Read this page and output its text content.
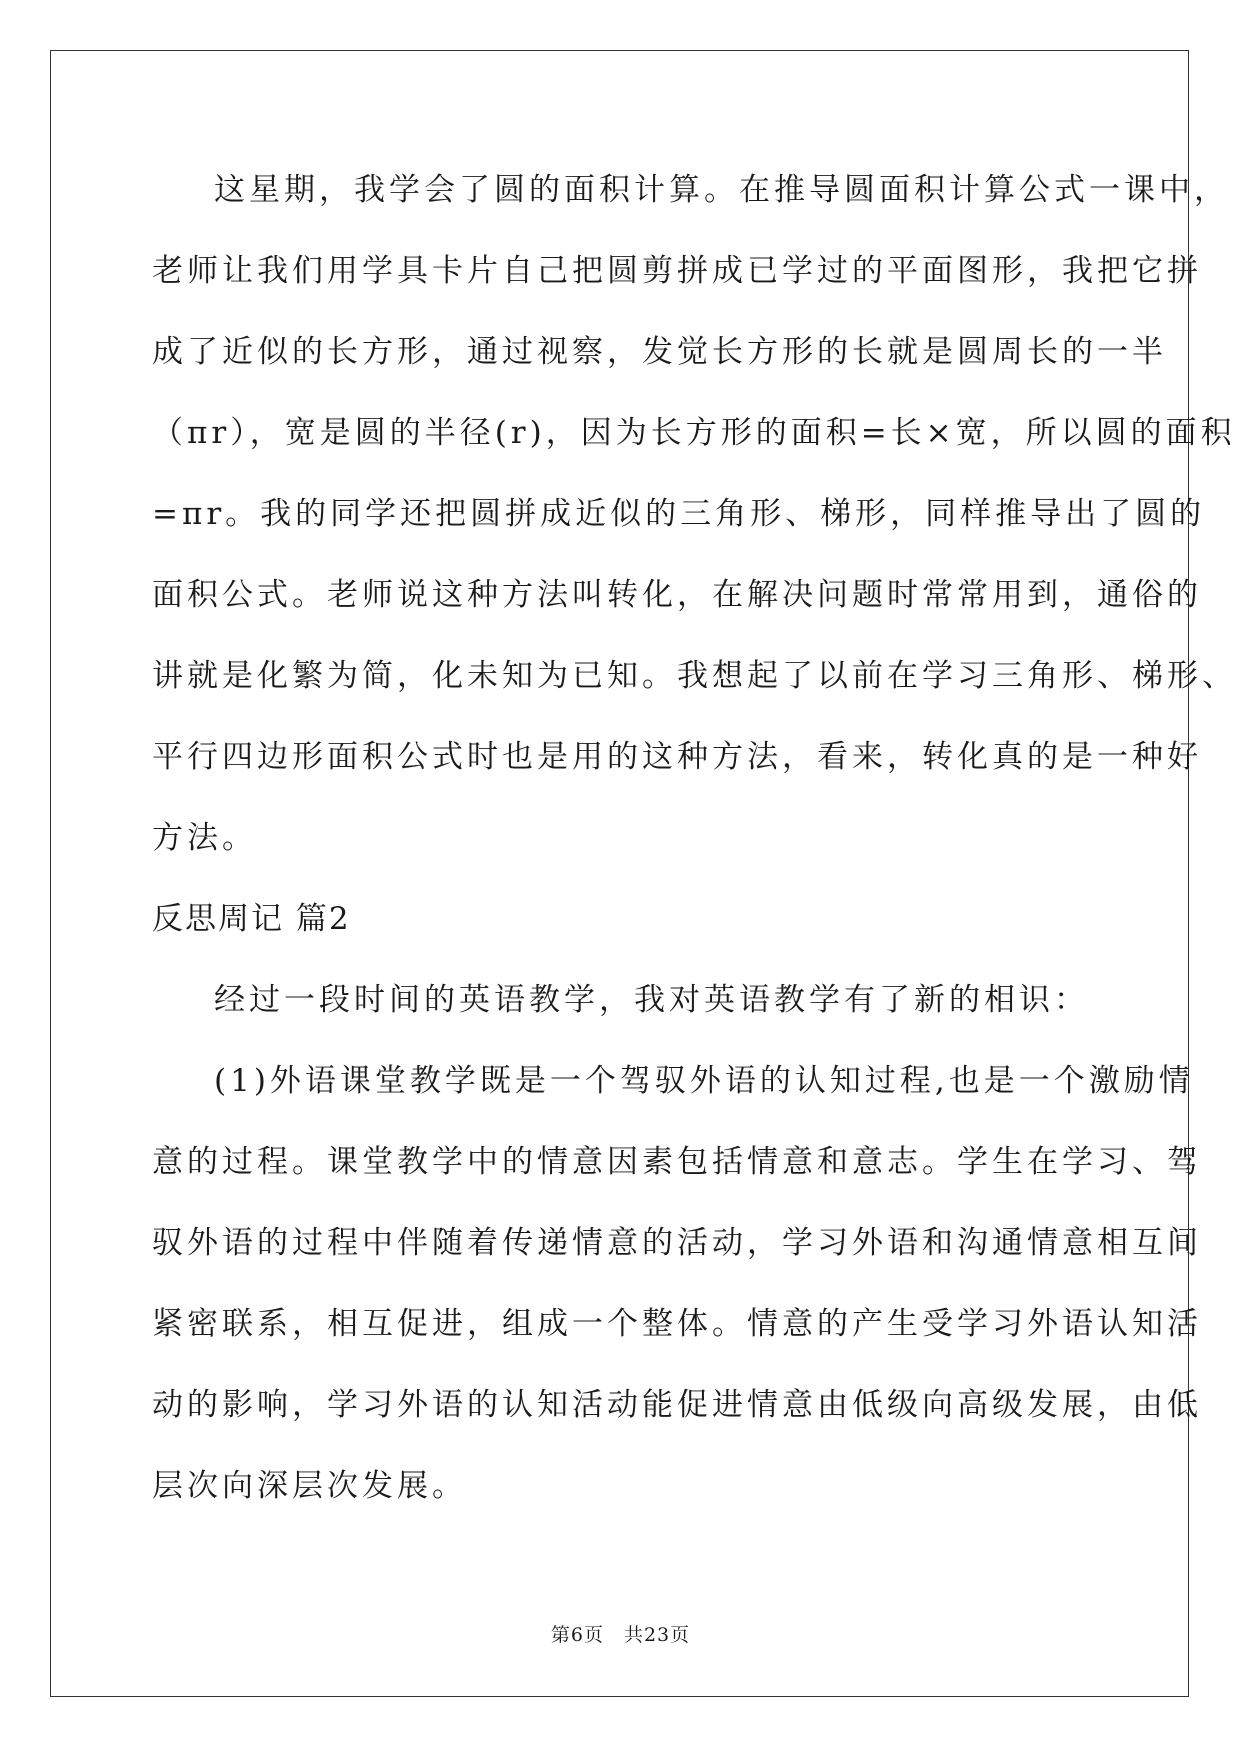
这星期，我学会了圆的面积计算。在推导圆面积计算公式一课中，
老师让我们用学具卡片自己把圆剪拼成已学过的平面图形，我把它拼
成了近似的长方形，通过视察，发觉长方形的长就是圆周长的一半
（πr），宽是圆的半径(r)，因为长方形的面积=长×宽，所以圆的面积
=πr。我的同学还把圆拼成近似的三角形、梯形，同样推导出了圆的
面积公式。老师说这种方法叫转化，在解决问题时常常用到，通俗的
讲就是化繁为简，化未知为已知。我想起了以前在学习三角形、梯形、
平行四边形面积公式时也是用的这种方法，看来，转化真的是一种好
方法。
反思周记 篇2
经过一段时间的英语教学，我对英语教学有了新的相识：
(1)外语课堂教学既是一个驾驭外语的认知过程,也是一个激励情
意的过程。课堂教学中的情意因素包括情意和意志。学生在学习、驾
驭外语的过程中伴随着传递情意的活动，学习外语和沟通情意相互间
紧密联系，相互促进，组成一个整体。情意的产生受学习外语认知活
动的影响，学习外语的认知活动能促进情意由低级向高级发展，由低
层次向深层次发展。
第6页　共23页
